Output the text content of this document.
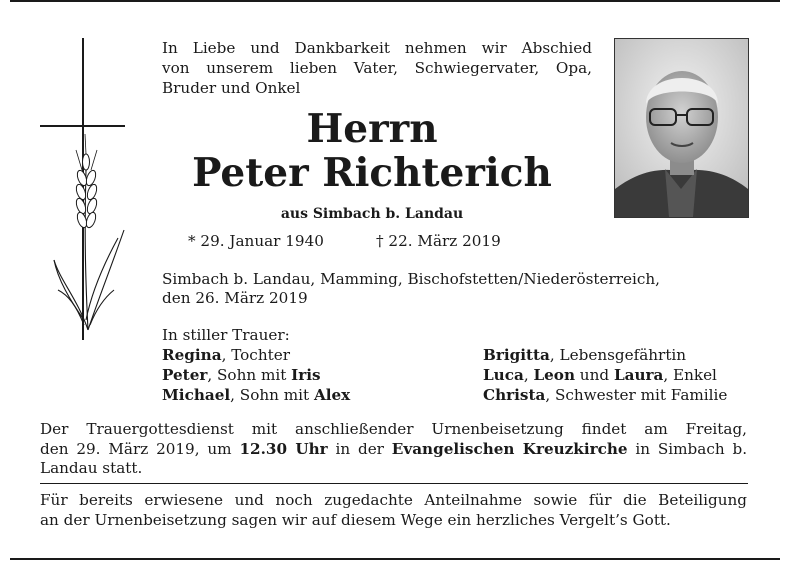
In Liebe und Dankbarkeit nehmen wir Abschied
von unserem lieben Vater, Schwiegervater, Opa,
Bruder und Onkel
Herrn
Peter Richterich
aus Simbach b. Landau
* 29. Januar 1940	† 22. März 2019
Simbach b. Landau, Mamming, Bischofstetten/Niederösterreich,
den 26. März 2019
In stiller Trauer:
Regina, Tochter
Peter, Sohn mit Iris
Michael, Sohn mit Alex
Brigitta, Lebensgefährtin
Luca, Leon und Laura, Enkel
Christa, Schwester mit Familie
Der Trauergottesdienst mit anschließender Urnenbeisetzung findet am Freitag,
den 29. März 2019, um 12.30 Uhr in der Evangelischen Kreuzkirche in Simbach b.
Landau statt.
Für bereits erwiesene und noch zugedachte Anteilnahme sowie für die Beteiligung
an der Urnenbeisetzung sagen wir auf diesem Wege ein herzliches Vergelt’s Gott.
